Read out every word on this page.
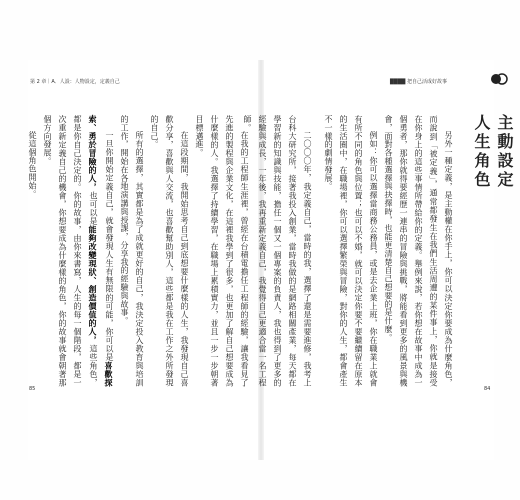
第 2 章｜A．人設：人物設定，定義自己	████ 把自己活成好故事
主動設定人生角色

另外一種定義，是主動權在你手上，你可以決定你要成為什麼角色，而說到「被定義」，通常都發生在我們生活周遭的某件事上，你就是接受在你身上的這些事情所帶給你的定義。舉例來說，若你想在故事中成為一個勇者，那你就得要經歷一連串的冒險與挑戰，將能看到更多的風景與機會，面對各種選擇與抉擇時，也能更清楚自己想要的是什麼。

例如：你可以選擇當商務公務員，或是去企業上班，你在職業上就會有所不同的角色與位置；也可以不婚，就可以決定你要不要繼續留在原本的生活圈中，在職場裡，你可以選擇繁榮與冒險，對你的人生，都會產生不一樣的劇情發展。

二〇〇〇年，我定義自己，當時的我，選擇了還是需要進修，我考上台科大研究所，接著我投入創業，當時我做的是網路相關產業，每天都在學習新的知識與技能，擔任一個又一個專案的負責人，我也得到了更多的經驗與成長，一年後，我再重新定義自己，我覺得自己更適合當一名工程師。

在我的工程師生涯裡，曾經在台積電擔任工程師的經驗，讓我看見了先進的製程與企業文化，在這裡我學到了很多，也更加了解自己想要成為什麼樣的人。我選擇了持續學習，在職場上累積實力，並且一步一步朝著目標邁進。

在這段期間，我開始思考自己到底想要什麼樣的人生，我發現自己喜歡分享，喜歡與人交流，也喜歡幫助別人，這些都是我在工作之外所發現的自己。

所有的選擇，其實都是為了成就更好的自己，我決定投入教育與培訓的工作，開始在各地演講與授課，分享我的經驗與故事。

一旦你開始定義自己，就會發現人生有無限的可能，你可以是喜歡探索、勇於冒險的人，也可以是能夠改變現狀、創造價值的人，這些角色，都是你自己決定的。你的故事，由你來書寫，人生的每一個階段，都是一次重新定義自己的機會，你想要成為什麼樣的角色，你的故事就會朝著那個方向發展。

從這個角色開始。

85	84
